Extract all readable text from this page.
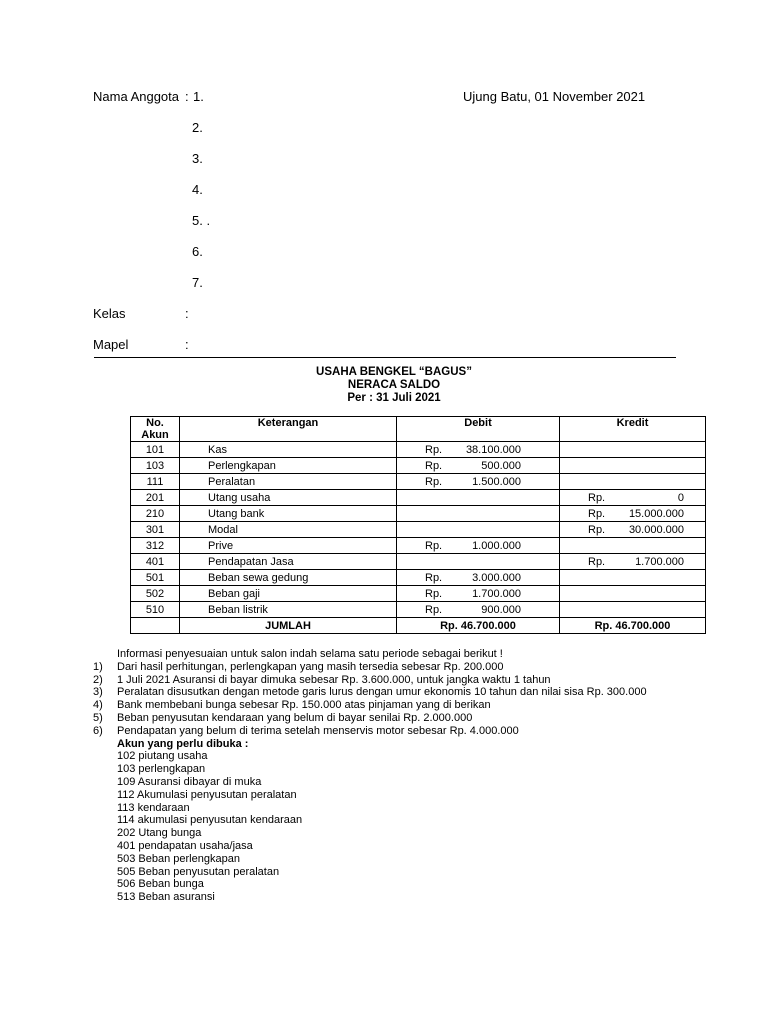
Nama Anggota : 1.	Ujung Batu, 01 November 2021
2.
3.
4.
5. .
6.
7.
Kelas	:
Mapel	:
USAHA BENGKEL “BAGUS”
NERACA SALDO
Per : 31 Juli 2021
No. Akun	Keterangan	Debit	Kredit
101	Kas	Rp. 38.100.000	
103	Perlengkapan	Rp. 500.000	
111	Peralatan	Rp. 1.500.000	
201	Utang usaha		Rp. 0
210	Utang bank		Rp. 15.000.000
301	Modal		Rp. 30.000.000
312	Prive	Rp. 1.000.000	
401	Pendapatan Jasa		Rp. 1.700.000
501	Beban sewa gedung	Rp. 3.000.000	
502	Beban gaji	Rp. 1.700.000	
510	Beban listrik	Rp. 900.000	
	JUMLAH	Rp. 46.700.000	Rp. 46.700.000
Informasi penyesuaian untuk salon indah selama satu periode sebagai berikut !
1)	Dari hasil perhitungan, perlengkapan yang masih tersedia sebesar Rp. 200.000
2)	1 Juli 2021 Asuransi di bayar dimuka sebesar Rp. 3.600.000, untuk jangka waktu 1 tahun
3)	Peralatan disusutkan dengan metode garis lurus dengan umur ekonomis 10 tahun dan nilai sisa Rp. 300.000
4)	Bank membebani bunga sebesar Rp. 150.000 atas pinjaman yang di berikan
5)	Beban penyusutan kendaraan yang belum di bayar senilai Rp. 2.000.000
6)	Pendapatan yang belum di terima setelah menservis motor sebesar Rp. 4.000.000
Akun yang perlu dibuka :
102 piutang usaha
103 perlengkapan
109 Asuransi dibayar di muka
112 Akumulasi penyusutan peralatan
113 kendaraan
114 akumulasi penyusutan kendaraan
202 Utang bunga
401 pendapatan usaha/jasa
503 Beban perlengkapan
505 Beban penyusutan peralatan
506 Beban bunga
513 Beban asuransi
